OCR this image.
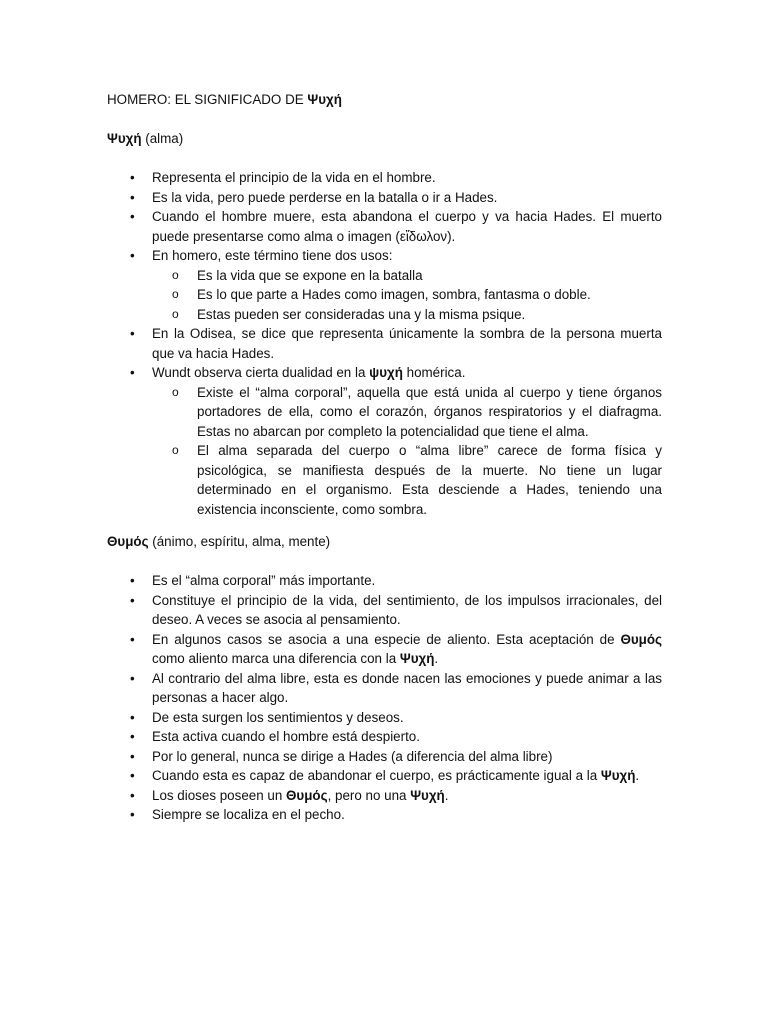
HOMERO: EL SIGNIFICADO DE Ψυχή
Ψυχή (alma)
• Representa el principio de la vida en el hombre.
• Es la vida, pero puede perderse en la batalla o ir a Hades.
• Cuando el hombre muere, esta abandona el cuerpo y va hacia Hades. El muerto puede presentarse como alma o imagen (εἴδωλον).
• En homero, este término tiene dos usos:
o Es la vida que se expone en la batalla
o Es lo que parte a Hades como imagen, sombra, fantasma o doble.
o Estas pueden ser consideradas una y la misma psique.
• En la Odisea, se dice que representa únicamente la sombra de la persona muerta que va hacia Hades.
• Wundt observa cierta dualidad en la ψυχή homérica.
o Existe el “alma corporal”, aquella que está unida al cuerpo y tiene órganos portadores de ella, como el corazón, órganos respiratorios y el diafragma. Estas no abarcan por completo la potencialidad que tiene el alma.
o El alma separada del cuerpo o “alma libre” carece de forma física y psicológica, se manifiesta después de la muerte. No tiene un lugar determinado en el organismo. Esta desciende a Hades, teniendo una existencia inconsciente, como sombra.
Θυμός (ánimo, espíritu, alma, mente)
• Es el “alma corporal” más importante.
• Constituye el principio de la vida, del sentimiento, de los impulsos irracionales, del deseo. A veces se asocia al pensamiento.
• En algunos casos se asocia a una especie de aliento. Esta aceptación de Θυμός como aliento marca una diferencia con la Ψυχή.
• Al contrario del alma libre, esta es donde nacen las emociones y puede animar a las personas a hacer algo.
• De esta surgen los sentimientos y deseos.
• Esta activa cuando el hombre está despierto.
• Por lo general, nunca se dirige a Hades (a diferencia del alma libre)
• Cuando esta es capaz de abandonar el cuerpo, es prácticamente igual a la Ψυχή.
• Los dioses poseen un Θυμός, pero no una Ψυχή.
• Siempre se localiza en el pecho.
